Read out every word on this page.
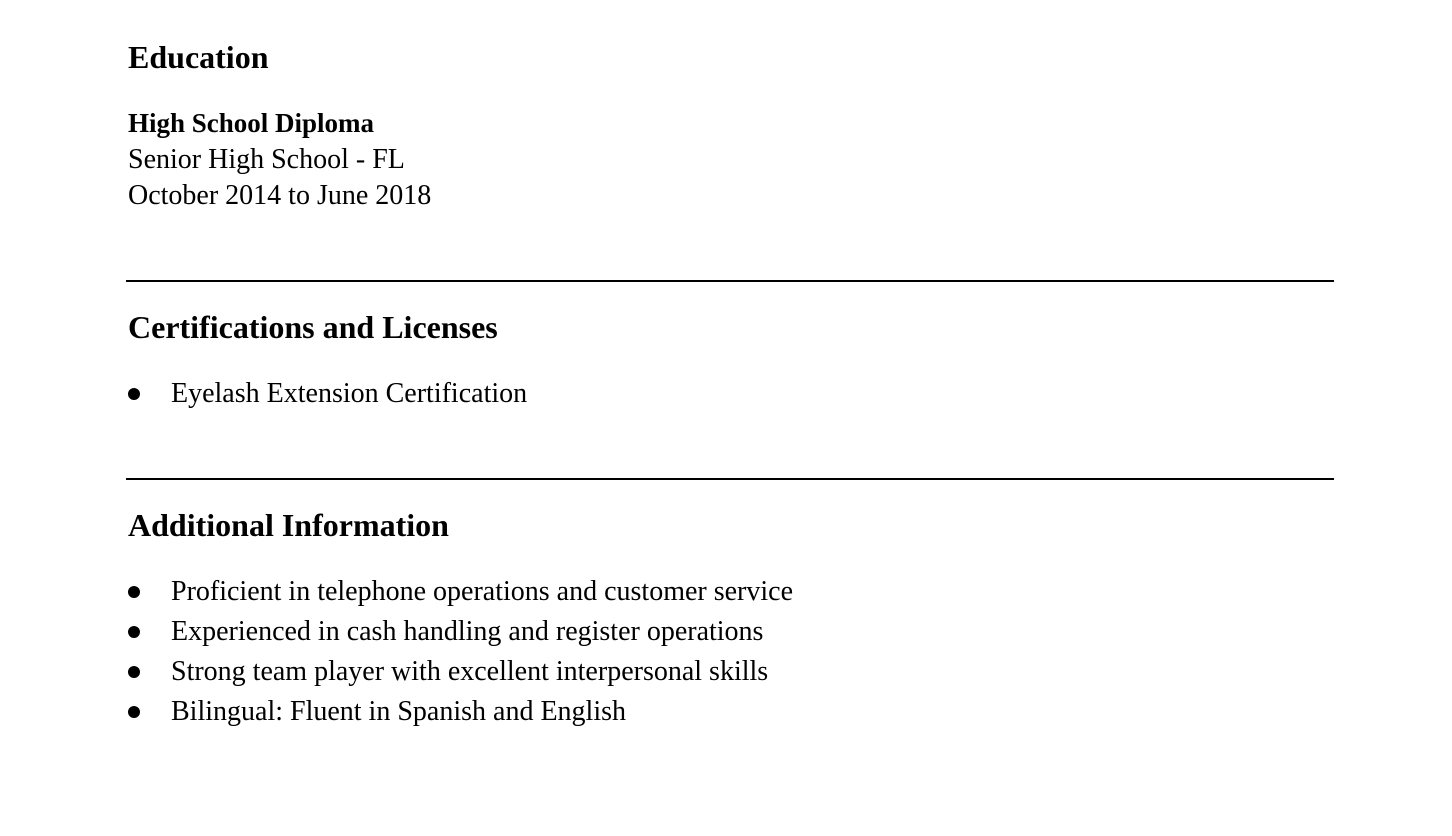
Education
High School Diploma
Senior High School - FL
October 2014 to June 2018
Certifications and Licenses
Eyelash Extension Certification
Additional Information
Proficient in telephone operations and customer service
Experienced in cash handling and register operations
Strong team player with excellent interpersonal skills
Bilingual: Fluent in Spanish and English
